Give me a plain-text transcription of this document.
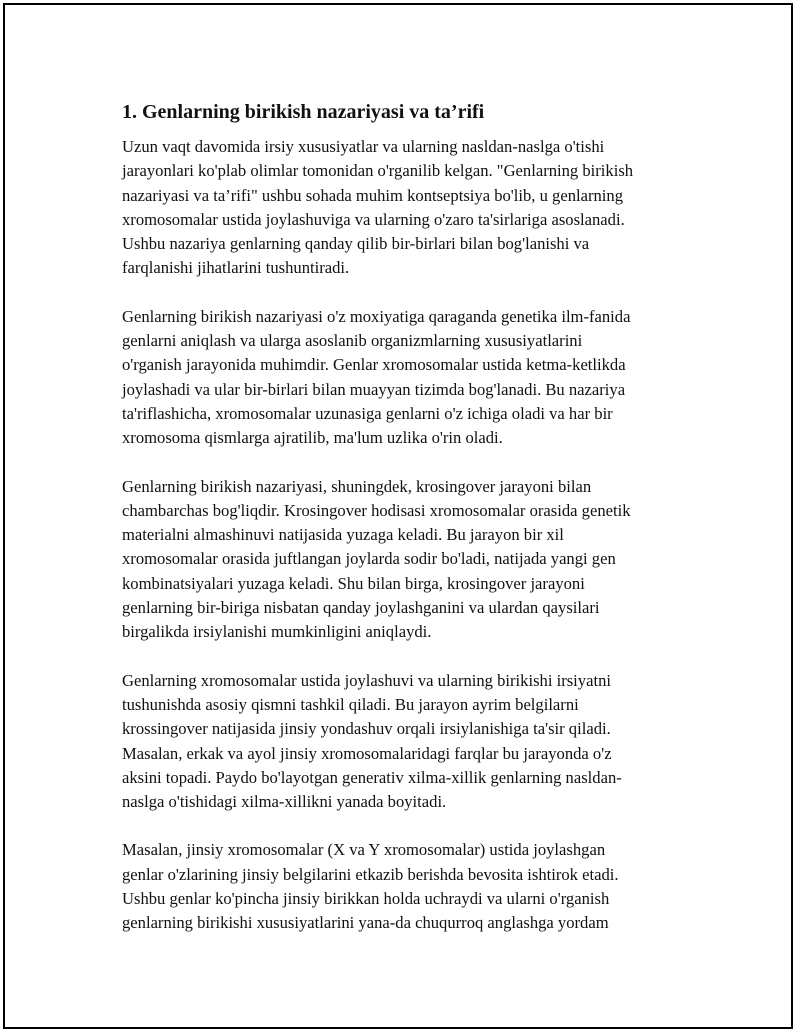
1. Genlarning birikish nazariyasi va ta’rifi

Uzun vaqt davomida irsiy xususiyatlar va ularning nasldan-naslga o'tishi
jarayonlari ko'plab olimlar tomonidan o'rganilib kelgan. "Genlarning birikish
nazariyasi va ta’rifi" ushbu sohada muhim kontseptsiya bo'lib, u genlarning
xromosomalar ustida joylashuviga va ularning o'zaro ta'sirlariga asoslanadi.
Ushbu nazariya genlarning qanday qilib bir-birlari bilan bog'lanishi va
farqlanishi jihatlarini tushuntiradi.

Genlarning birikish nazariyasi o'z moxiyatiga qaraganda genetika ilm-fanida
genlarni aniqlash va ularga asoslanib organizmlarning xususiyatlarini
o'rganish jarayonida muhimdir. Genlar xromosomalar ustida ketma-ketlikda
joylashadi va ular bir-birlari bilan muayyan tizimda bog'lanadi. Bu nazariya
ta'riflashicha, xromosomalar uzunasiga genlarni o'z ichiga oladi va har bir
xromosoma qismlarga ajratilib, ma'lum uzlika o'rin oladi.

Genlarning birikish nazariyasi, shuningdek, krosingover jarayoni bilan
chambarchas bog'liqdir. Krosingover hodisasi xromosomalar orasida genetik
materialni almashinuvi natijasida yuzaga keladi. Bu jarayon bir xil
xromosomalar orasida juftlangan joylarda sodir bo'ladi, natijada yangi gen
kombinatsiyalari yuzaga keladi. Shu bilan birga, krosingover jarayoni
genlarning bir-biriga nisbatan qanday joylashganini va ulardan qaysilari
birgalikda irsiylanishi mumkinligini aniqlaydi.

Genlarning xromosomalar ustida joylashuvi va ularning birikishi irsiyatni
tushunishda asosiy qismni tashkil qiladi. Bu jarayon ayrim belgilarni
krossingover natijasida jinsiy yondashuv orqali irsiylanishiga ta'sir qiladi.
Masalan, erkak va ayol jinsiy xromosomalaridagi farqlar bu jarayonda o'z
aksini topadi. Paydo bo'layotgan generativ xilma-xillik genlarning nasldan-
naslga o'tishidagi xilma-xillikni yanada boyitadi.

Masalan, jinsiy xromosomalar (X va Y xromosomalar) ustida joylashgan
genlar o'zlarining jinsiy belgilarini etkazib berishda bevosita ishtirok etadi.
Ushbu genlar ko'pincha jinsiy birikkan holda uchraydi va ularni o'rganish
genlarning birikishi xususiyatlarini yana-da chuqurroq anglashga yordam
